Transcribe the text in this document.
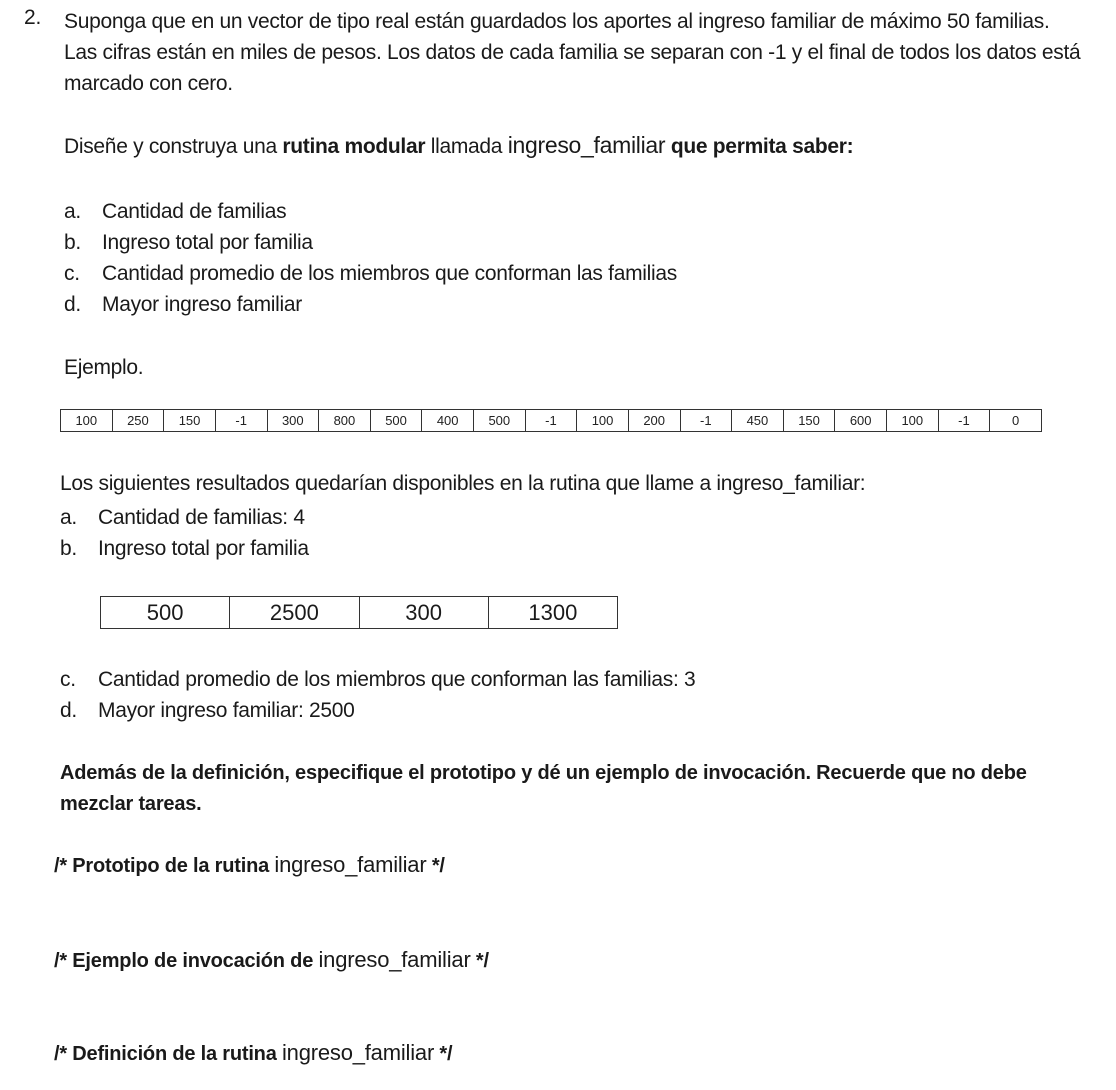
2. Suponga que en un vector de tipo real están guardados los aportes al ingreso familiar de máximo 50 familias. Las cifras están en miles de pesos. Los datos de cada familia se separan con -1 y el final de todos los datos está marcado con cero.
Diseñe y construya una rutina modular llamada ingreso_familiar que permita saber:
a. Cantidad de familias
b. Ingreso total por familia
c. Cantidad promedio de los miembros que conforman las familias
d. Mayor ingreso familiar
Ejemplo.
100	250	150	-1	300	800	500	400	500	-1	100	200	-1	450	150	600	100	-1	0
Los siguientes resultados quedarían disponibles en la rutina que llame a ingreso_familiar:
a. Cantidad de familias: 4
b. Ingreso total por familia
500	2500	300	1300
c. Cantidad promedio de los miembros que conforman las familias: 3
d. Mayor ingreso familiar: 2500
Además de la definición, especifique el prototipo y dé un ejemplo de invocación. Recuerde que no debe mezclar tareas.
/* Prototipo de la rutina ingreso_familiar */
/* Ejemplo de invocación de ingreso_familiar */
/* Definición de la rutina ingreso_familiar */
